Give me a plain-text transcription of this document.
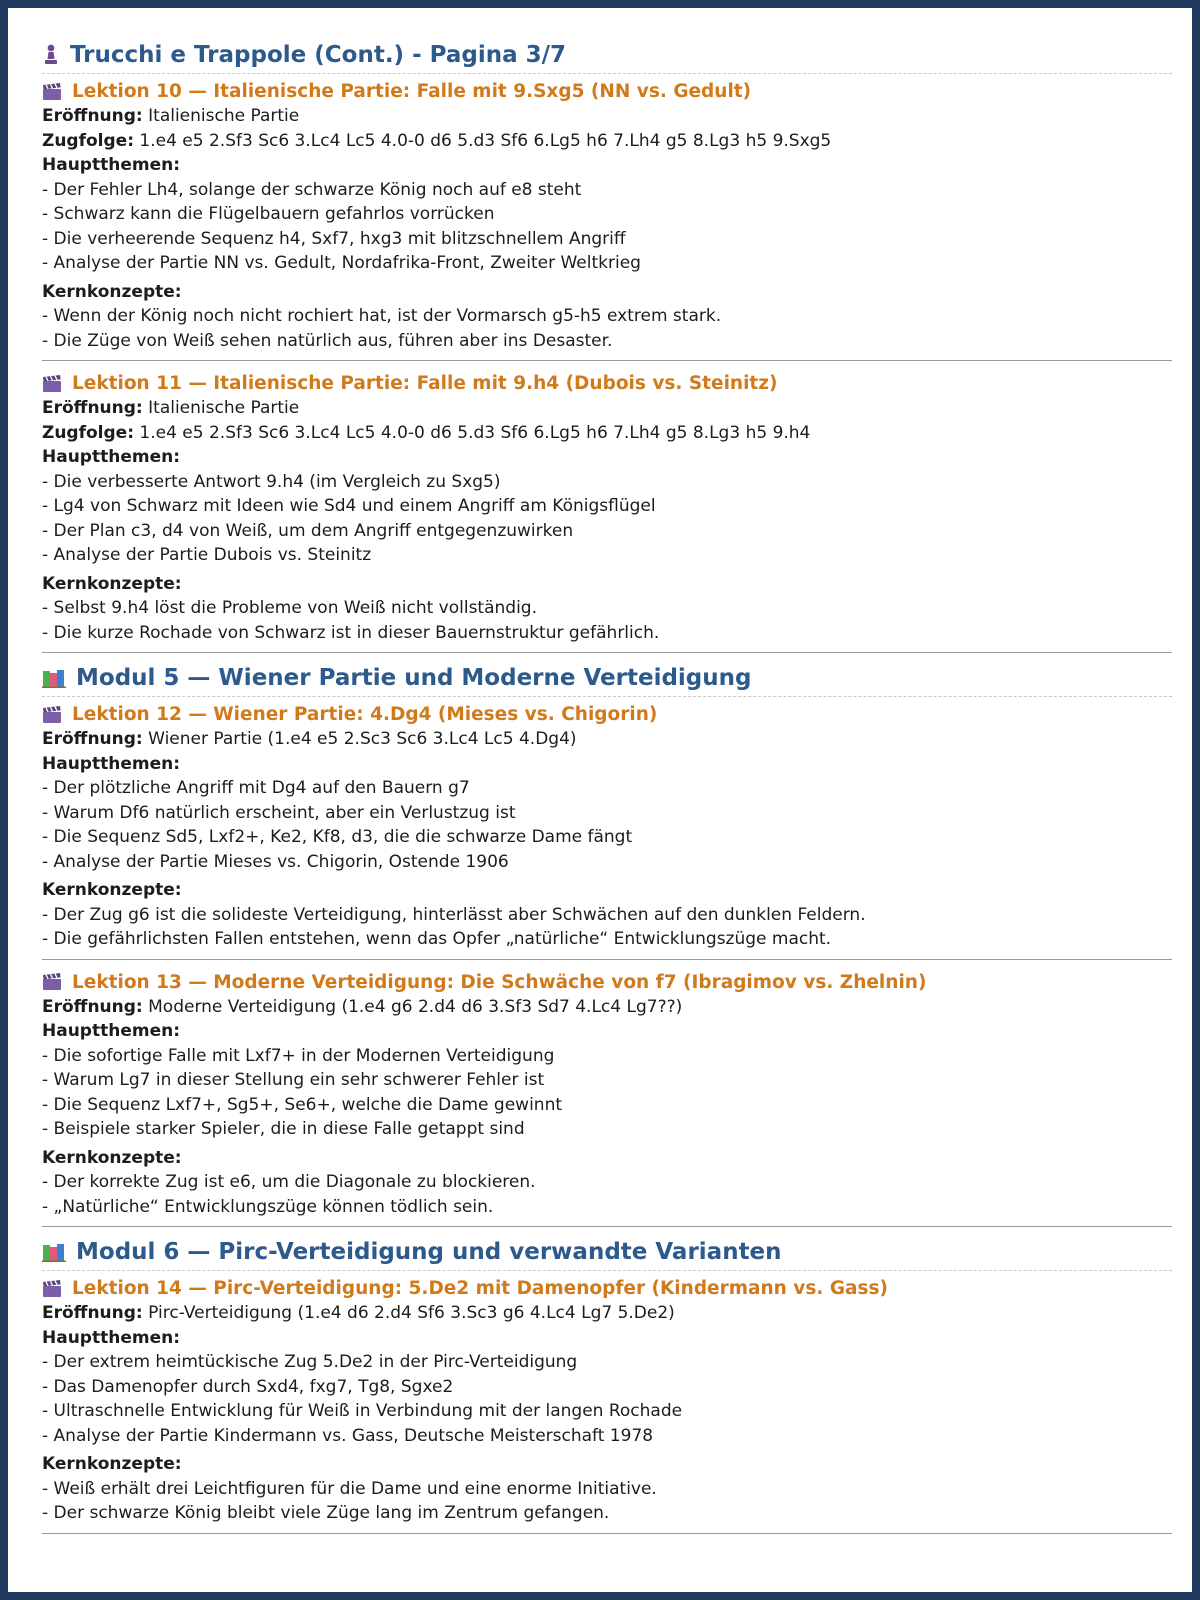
Trucchi e Trappole (Cont.) - Pagina 3/7
Lektion 10 — Italienische Partie: Falle mit 9.Sxg5 (NN vs. Gedult)
Eröffnung: Italienische Partie
Zugfolge: 1.e4 e5 2.Sf3 Sc6 3.Lc4 Lc5 4.0-0 d6 5.d3 Sf6 6.Lg5 h6 7.Lh4 g5 8.Lg3 h5 9.Sxg5
Hauptthemen:
- Der Fehler Lh4, solange der schwarze König noch auf e8 steht
- Schwarz kann die Flügelbauern gefahrlos vorrücken
- Die verheerende Sequenz h4, Sxf7, hxg3 mit blitzschnellem Angriff
- Analyse der Partie NN vs. Gedult, Nordafrika-Front, Zweiter Weltkrieg
Kernkonzepte:
- Wenn der König noch nicht rochiert hat, ist der Vormarsch g5-h5 extrem stark.
- Die Züge von Weiß sehen natürlich aus, führen aber ins Desaster.
Lektion 11 — Italienische Partie: Falle mit 9.h4 (Dubois vs. Steinitz)
Eröffnung: Italienische Partie
Zugfolge: 1.e4 e5 2.Sf3 Sc6 3.Lc4 Lc5 4.0-0 d6 5.d3 Sf6 6.Lg5 h6 7.Lh4 g5 8.Lg3 h5 9.h4
Hauptthemen:
- Die verbesserte Antwort 9.h4 (im Vergleich zu Sxg5)
- Lg4 von Schwarz mit Ideen wie Sd4 und einem Angriff am Königsflügel
- Der Plan c3, d4 von Weiß, um dem Angriff entgegenzuwirken
- Analyse der Partie Dubois vs. Steinitz
Kernkonzepte:
- Selbst 9.h4 löst die Probleme von Weiß nicht vollständig.
- Die kurze Rochade von Schwarz ist in dieser Bauernstruktur gefährlich.
Modul 5 — Wiener Partie und Moderne Verteidigung
Lektion 12 — Wiener Partie: 4.Dg4 (Mieses vs. Chigorin)
Eröffnung: Wiener Partie (1.e4 e5 2.Sc3 Sc6 3.Lc4 Lc5 4.Dg4)
Hauptthemen:
- Der plötzliche Angriff mit Dg4 auf den Bauern g7
- Warum Df6 natürlich erscheint, aber ein Verlustzug ist
- Die Sequenz Sd5, Lxf2+, Ke2, Kf8, d3, die die schwarze Dame fängt
- Analyse der Partie Mieses vs. Chigorin, Ostende 1906
Kernkonzepte:
- Der Zug g6 ist die solideste Verteidigung, hinterlässt aber Schwächen auf den dunklen Feldern.
- Die gefährlichsten Fallen entstehen, wenn das Opfer „natürliche“ Entwicklungszüge macht.
Lektion 13 — Moderne Verteidigung: Die Schwäche von f7 (Ibragimov vs. Zhelnin)
Eröffnung: Moderne Verteidigung (1.e4 g6 2.d4 d6 3.Sf3 Sd7 4.Lc4 Lg7??)
Hauptthemen:
- Die sofortige Falle mit Lxf7+ in der Modernen Verteidigung
- Warum Lg7 in dieser Stellung ein sehr schwerer Fehler ist
- Die Sequenz Lxf7+, Sg5+, Se6+, welche die Dame gewinnt
- Beispiele starker Spieler, die in diese Falle getappt sind
Kernkonzepte:
- Der korrekte Zug ist e6, um die Diagonale zu blockieren.
- „Natürliche“ Entwicklungszüge können tödlich sein.
Modul 6 — Pirc-Verteidigung und verwandte Varianten
Lektion 14 — Pirc-Verteidigung: 5.De2 mit Damenopfer (Kindermann vs. Gass)
Eröffnung: Pirc-Verteidigung (1.e4 d6 2.d4 Sf6 3.Sc3 g6 4.Lc4 Lg7 5.De2)
Hauptthemen:
- Der extrem heimtückische Zug 5.De2 in der Pirc-Verteidigung
- Das Damenopfer durch Sxd4, fxg7, Tg8, Sgxe2
- Ultraschnelle Entwicklung für Weiß in Verbindung mit der langen Rochade
- Analyse der Partie Kindermann vs. Gass, Deutsche Meisterschaft 1978
Kernkonzepte:
- Weiß erhält drei Leichtfiguren für die Dame und eine enorme Initiative.
- Der schwarze König bleibt viele Züge lang im Zentrum gefangen.
